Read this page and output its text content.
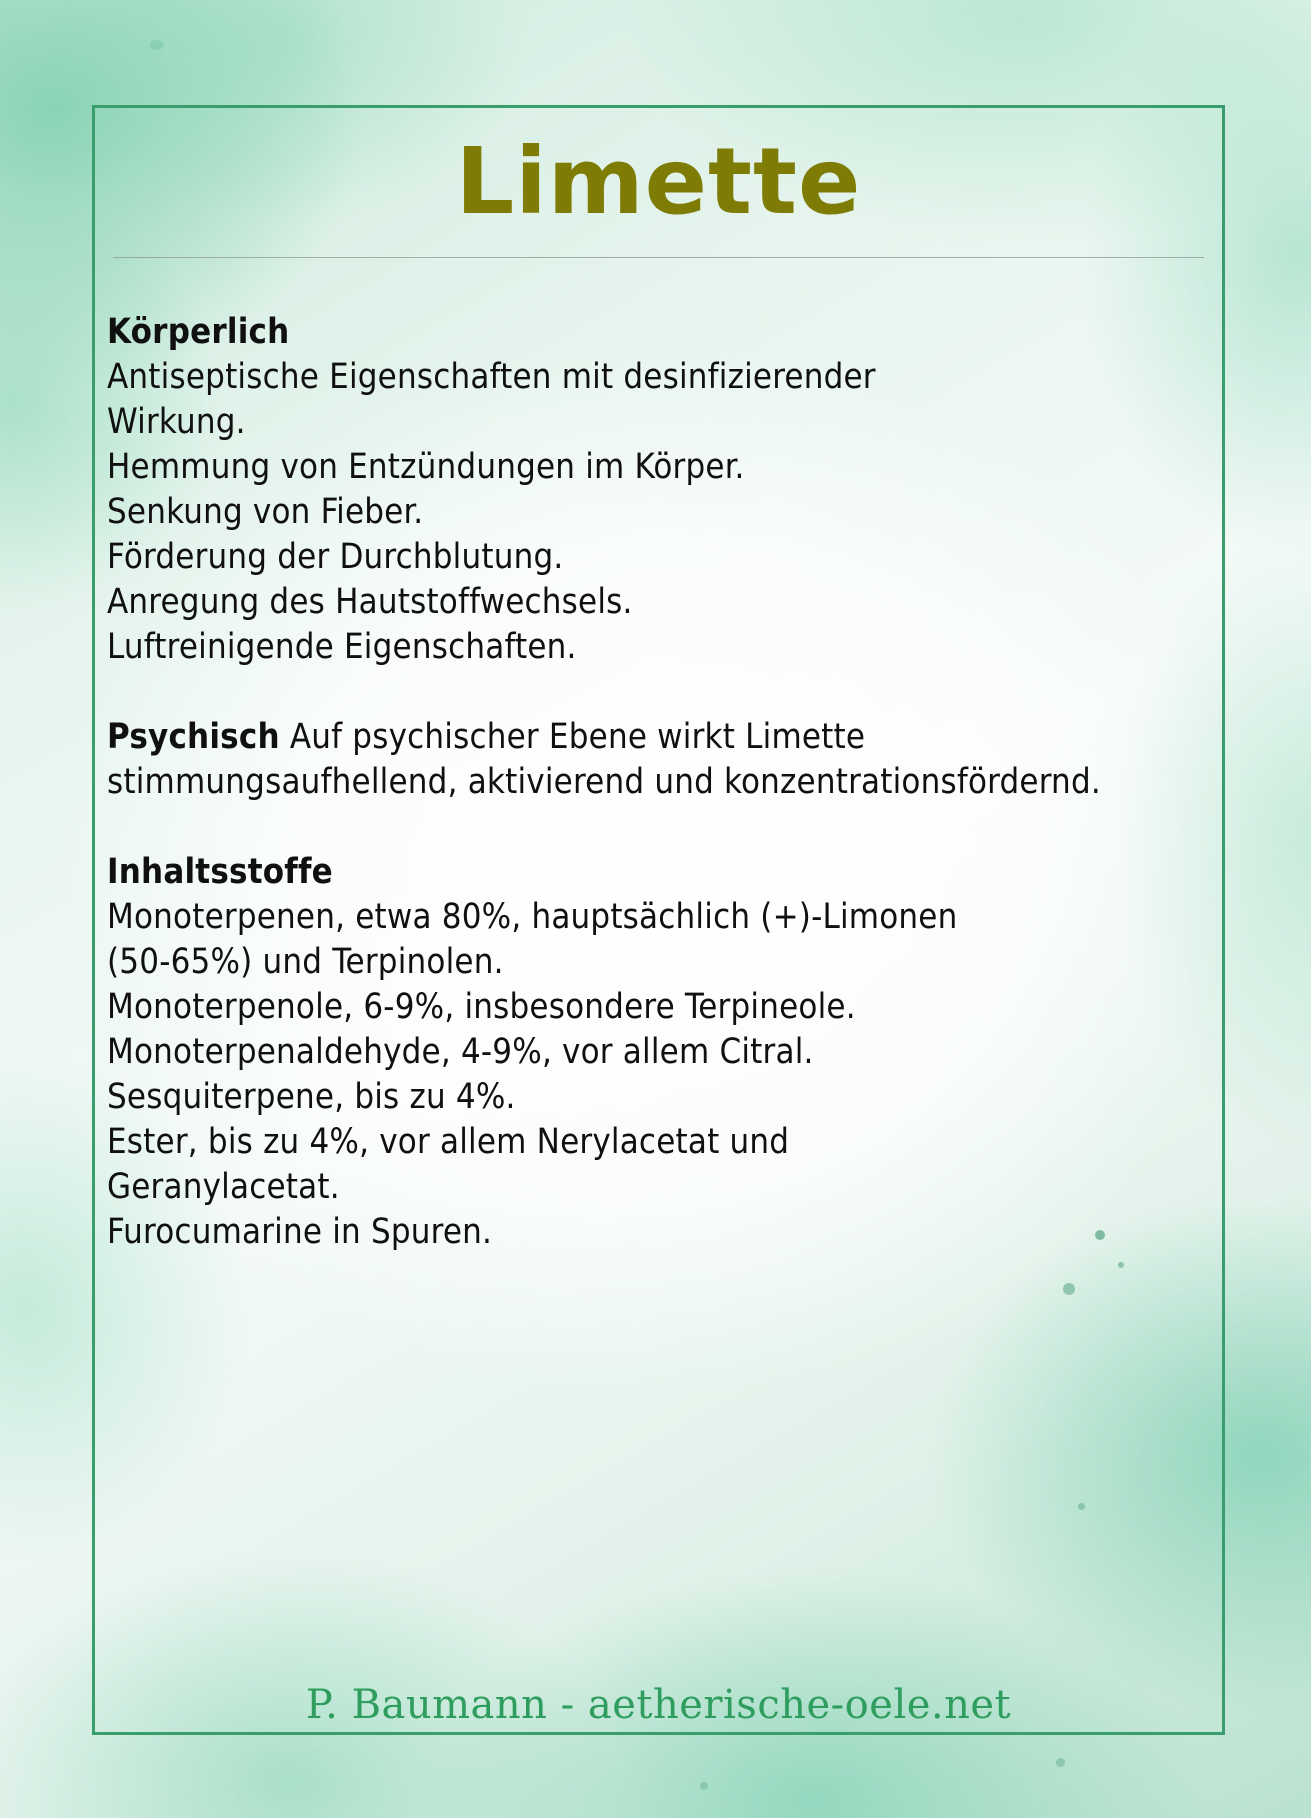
Limette
Körperlich
Antiseptische Eigenschaften mit desinfizierender
Wirkung.
Hemmung von Entzündungen im Körper.
Senkung von Fieber.
Förderung der Durchblutung.
Anregung des Hautstoffwechsels.
Luftreinigende Eigenschaften.

Psychisch Auf psychischer Ebene wirkt Limette stimmungsaufhellend, aktivierend und konzentrationsfördernd.

Inhaltsstoffe
Monoterpenen, etwa 80%, hauptsächlich (+)-Limonen
(50-65%) und Terpinolen.
Monoterpenole, 6-9%, insbesondere Terpineole.
Monoterpenaldehyde, 4-9%, vor allem Citral.
Sesquiterpene, bis zu 4%.
Ester, bis zu 4%, vor allem Nerylacetat und
Geranylacetat.
Furocumarine in Spuren.
P. Baumann - aetherische-oele.net
